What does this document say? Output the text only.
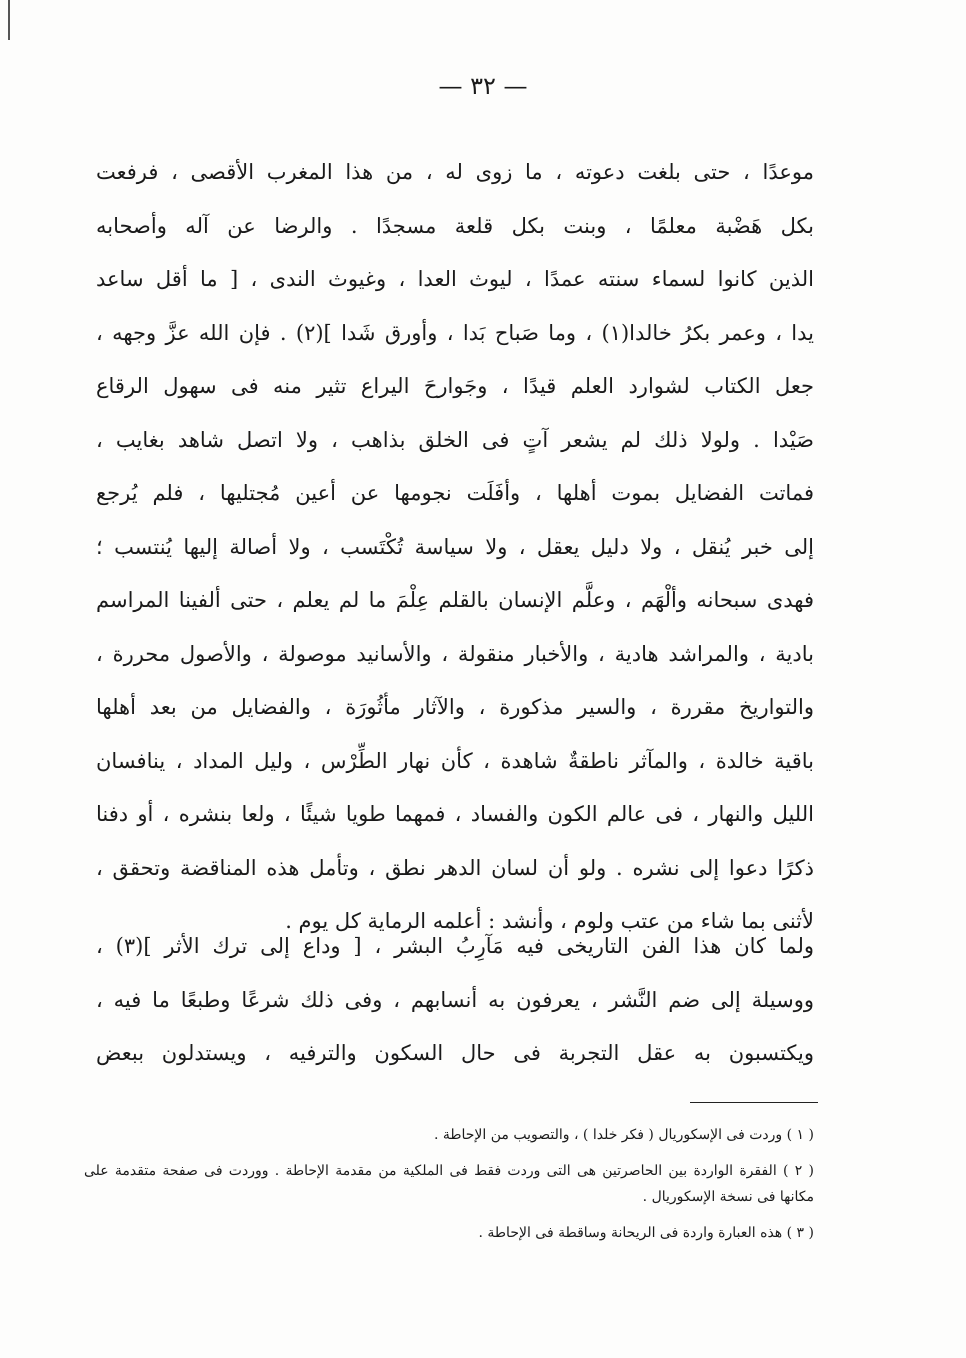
— ٣٢ —
موعدًا ، حتى بلغت دعوته ، ما زوى له ، من هذا المغرب الأقصى ، فرفعت
بكل هَضْبة معلمًا ، وبنت بكل قلعة مسجدًا . والرضا عن آله وأصحابه
الذين كانوا لسماء سنته عمدًا ، ليوث العدا ، وغيوث الندى ، [ ما أقل ساعد
يدا ، وعمر بكرُ خالدا(١) ، وما صَباح بَدا ، وأورق شَدا ](٢) . فإن الله عزَّ وجهه ،
جعل الكتاب لشوارد العلم قيدًا ، وجَوارحَ اليراع تثير منه فى سهول الرقاع
صَيْدا . ولولا ذلك لم يشعر آتٍ فى الخلق بذاهب ، ولا اتصل شاهد بغايب ،
فماتت الفضايل بموت أهلها ، وأفَلَت نجومها عن أعين مُجتليها ، فلم يُرجع
إلى خبر يُنقل ، ولا دليل يعقل ، ولا سياسة تُكْتَسب ، ولا أصالة إليها يُنتسب ؛
فهدى سبحانه وألْهَم ، وعلَّم الإنسان بالقلم عِلْمَ ما لم يعلم ، حتى ألفينا المراسم
بادية ، والمراشد هادية ، والأخبار منقولة ، والأسانيد موصولة ، والأصول محررة ،
والتواريخ مقررة ، والسير مذكورة ، والآثار مأثُورَة ، والفضايل من بعد أهلها
باقية خالدة ، والمآثر ناطقةٌ شاهدة ، كأن نهار الطِّرْس ، وليل المداد ، ينافسان
الليل والنهار ، فى عالم الكون والفساد ، فمهما طويا شيئًا ، ولعا بنشره ، أو دفنا
ذكرًا دعوا إلى نشره . ولو أن لسان الدهر نطق ، وتأمل هذه المناقضة وتحقق ،
لأثنى بما شاء من عتب ولوم ، وأنشد : أعلمه الرماية كل يوم .
ولما كان هذا الفن التاريخى فيه مَآرِبُ البشر ، [ وداع إلى ترك الأثر ](٣) ،
ووسيلة إلى ضم النَّشر ، يعرفون به أنسابهم ، وفى ذلك شرعًا وطبعًا ما فيه ،
ويكتسبون به عقل التجربة فى حال السكون والترفيه ، ويستدلون ببعض
( ١ ) وردت فى الإسكوريال ( فكر خلدا ) ، والتصويب من الإحاطة .
( ٢ ) الفقرة الواردة بين الحاصرتين هى التى وردت فقط فى الملكية من مقدمة الإحاطة . ووردت فى صفحة متقدمة على مكانها فى نسخة الإسكوريال .
( ٣ ) هذه العبارة واردة فى الريحانة وساقطة فى الإحاطة .
